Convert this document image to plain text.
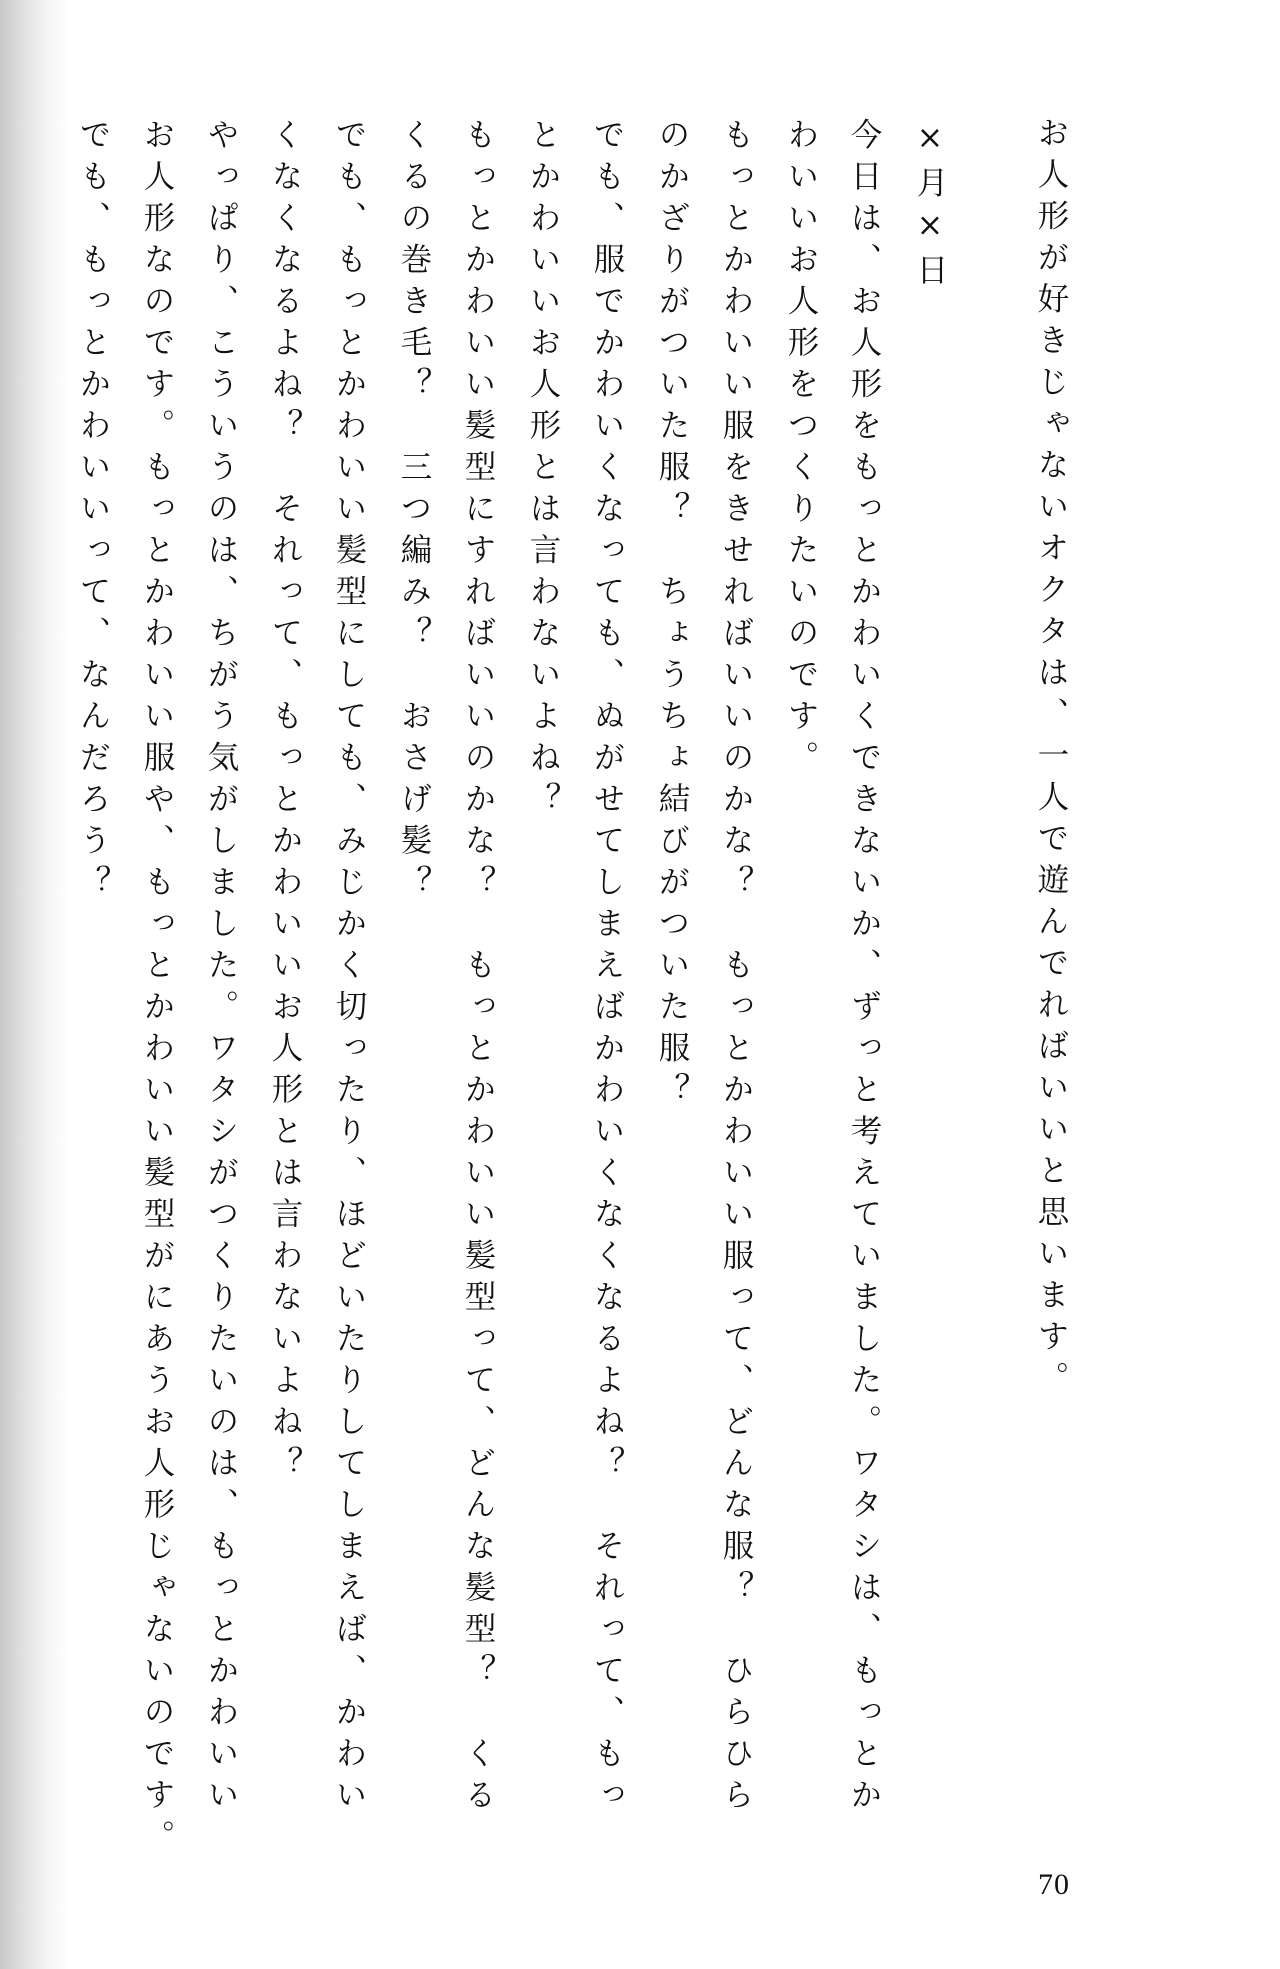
お人形が好きじゃないオクタは、一人で遊んでればいいと思います。
×月×日
今日は、お人形をもっとかわいくできないか、ずっと考えていました。ワタシは、もっとか
わいいお人形をつくりたいのです。
もっとかわいい服をきせればいいのかな？　もっとかわいい服って、どんな服？　ひらひら
のかざりがついた服？　ちょうちょ結びがついた服？
でも、服でかわいくなっても、ぬがせてしまえばかわいくなくなるよね？　それって、もっ
とかわいいお人形とは言わないよね？
もっとかわいい髪型にすればいいのかな？　もっとかわいい髪型って、どんな髪型？　くる
くるの巻き毛？　三つ編み？　おさげ髪？
でも、もっとかわいい髪型にしても、みじかく切ったり、ほどいたりしてしまえば、かわい
くなくなるよね？　それって、もっとかわいいお人形とは言わないよね？
やっぱり、こういうのは、ちがう気がしました。ワタシがつくりたいのは、もっとかわいい
お人形なのです。もっとかわいい服や、もっとかわいい髪型がにあうお人形じゃないのです。
でも、もっとかわいいって、なんだろう？
70
